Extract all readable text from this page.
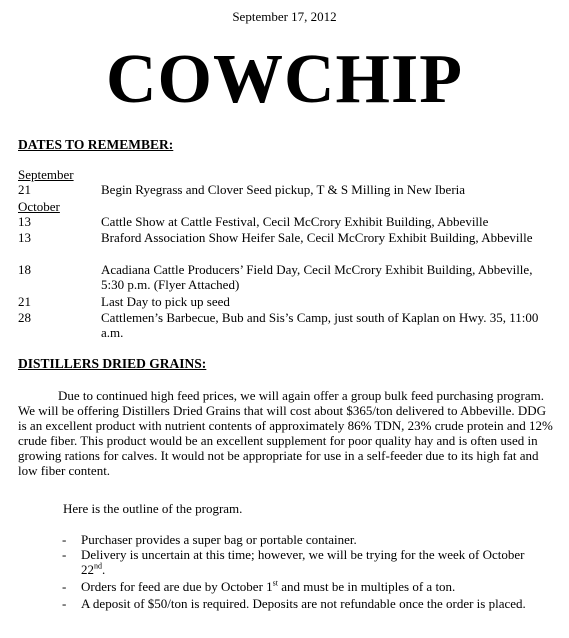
September 17, 2012
COWCHIP
DATES TO REMEMBER:
September
21	Begin Ryegrass and Clover Seed pickup, T & S Milling in New Iberia
October
13	Cattle Show at Cattle Festival, Cecil McCrory Exhibit Building, Abbeville
13	Braford Association Show Heifer Sale, Cecil McCrory Exhibit Building, Abbeville
18	Acadiana Cattle Producers’ Field Day, Cecil McCrory Exhibit Building, Abbeville, 5:30 p.m. (Flyer Attached)
21	Last Day to pick up seed
28	Cattlemen’s Barbecue, Bub and Sis’s Camp, just south of Kaplan on Hwy. 35, 11:00 a.m.
DISTILLERS DRIED GRAINS:
Due to continued high feed prices, we will again offer a group bulk feed purchasing program. We will be offering Distillers Dried Grains that will cost about $365/ton delivered to Abbeville. DDG is an excellent product with nutrient contents of approximately 86% TDN, 23% crude protein and 12% crude fiber. This product would be an excellent supplement for poor quality hay and is often used in growing rations for calves. It would not be appropriate for use in a self-feeder due to its high fat and low fiber content.
Here is the outline of the program.
- Purchaser provides a super bag or portable container.
- Delivery is uncertain at this time; however, we will be trying for the week of October 22nd.
- Orders for feed are due by October 1st and must be in multiples of a ton.
- A deposit of $50/ton is required. Deposits are not refundable once the order is placed.
